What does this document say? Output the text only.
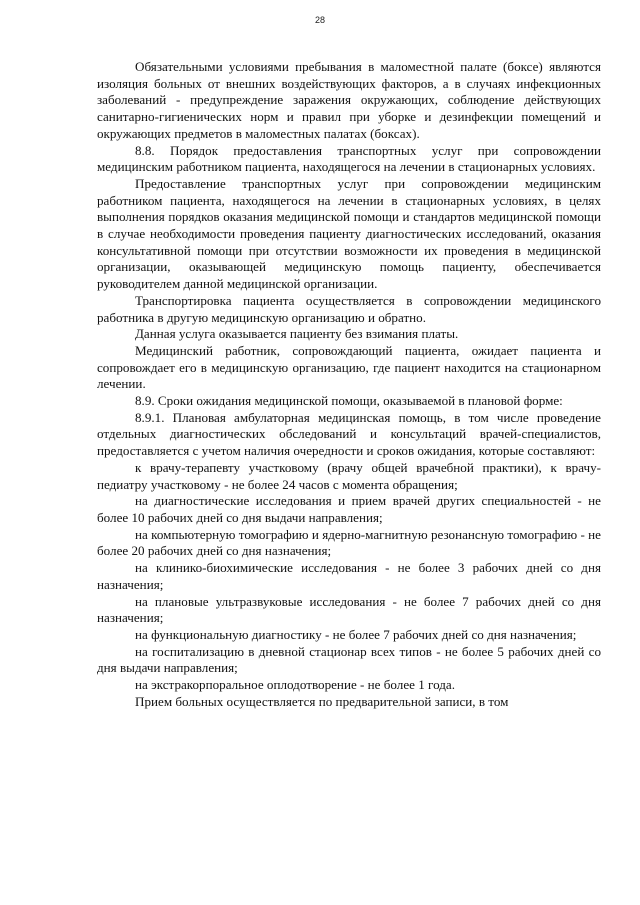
28

Обязательными условиями пребывания в маломестной палате (боксе) являются изоляция больных от внешних воздействующих факторов, а в случаях инфекционных заболеваний - предупреждение заражения окружающих, соблюдение действующих санитарно-гигиенических норм и правил при уборке и дезинфекции помещений и окружающих предметов в маломестных палатах (боксах).

8.8. Порядок предоставления транспортных услуг при сопровождении медицинским работником пациента, находящегося на лечении в стационарных условиях.

Предоставление транспортных услуг при сопровождении медицинским работником пациента, находящегося на лечении в стационарных условиях, в целях выполнения порядков оказания медицинской помощи и стандартов медицинской помощи в случае необходимости проведения пациенту диагностических исследований, оказания консультативной помощи при отсутствии возможности их проведения в медицинской организации, оказывающей медицинскую помощь пациенту, обеспечивается руководителем данной медицинской организации.

Транспортировка пациента осуществляется в сопровождении медицинского работника в другую медицинскую организацию и обратно.

Данная услуга оказывается пациенту без взимания платы.

Медицинский работник, сопровождающий пациента, ожидает пациента и сопровождает его в медицинскую организацию, где пациент находится на стационарном лечении.

8.9. Сроки ожидания медицинской помощи, оказываемой в плановой форме:

8.9.1. Плановая амбулаторная медицинская помощь, в том числе проведение отдельных диагностических обследований и консультаций врачей-специалистов, предоставляется с учетом наличия очередности и сроков ожидания, которые составляют:

к врачу-терапевту участковому (врачу общей врачебной практики), к врачу-педиатру участковому - не более 24 часов с момента обращения;

на диагностические исследования и прием врачей других специальностей - не более 10 рабочих дней со дня выдачи направления;

на компьютерную томографию и ядерно-магнитную резонансную томографию - не более 20 рабочих дней со дня назначения;

на клинико-биохимические исследования - не более 3 рабочих дней со дня назначения;

на плановые ультразвуковые исследования - не более 7 рабочих дней со дня назначения;

на функциональную диагностику - не более 7 рабочих дней со дня назначения;

на госпитализацию в дневной стационар всех типов - не более 5 рабочих дней со дня выдачи направления;

на экстракорпоральное оплодотворение - не более 1 года.

Прием больных осуществляется по предварительной записи, в том
